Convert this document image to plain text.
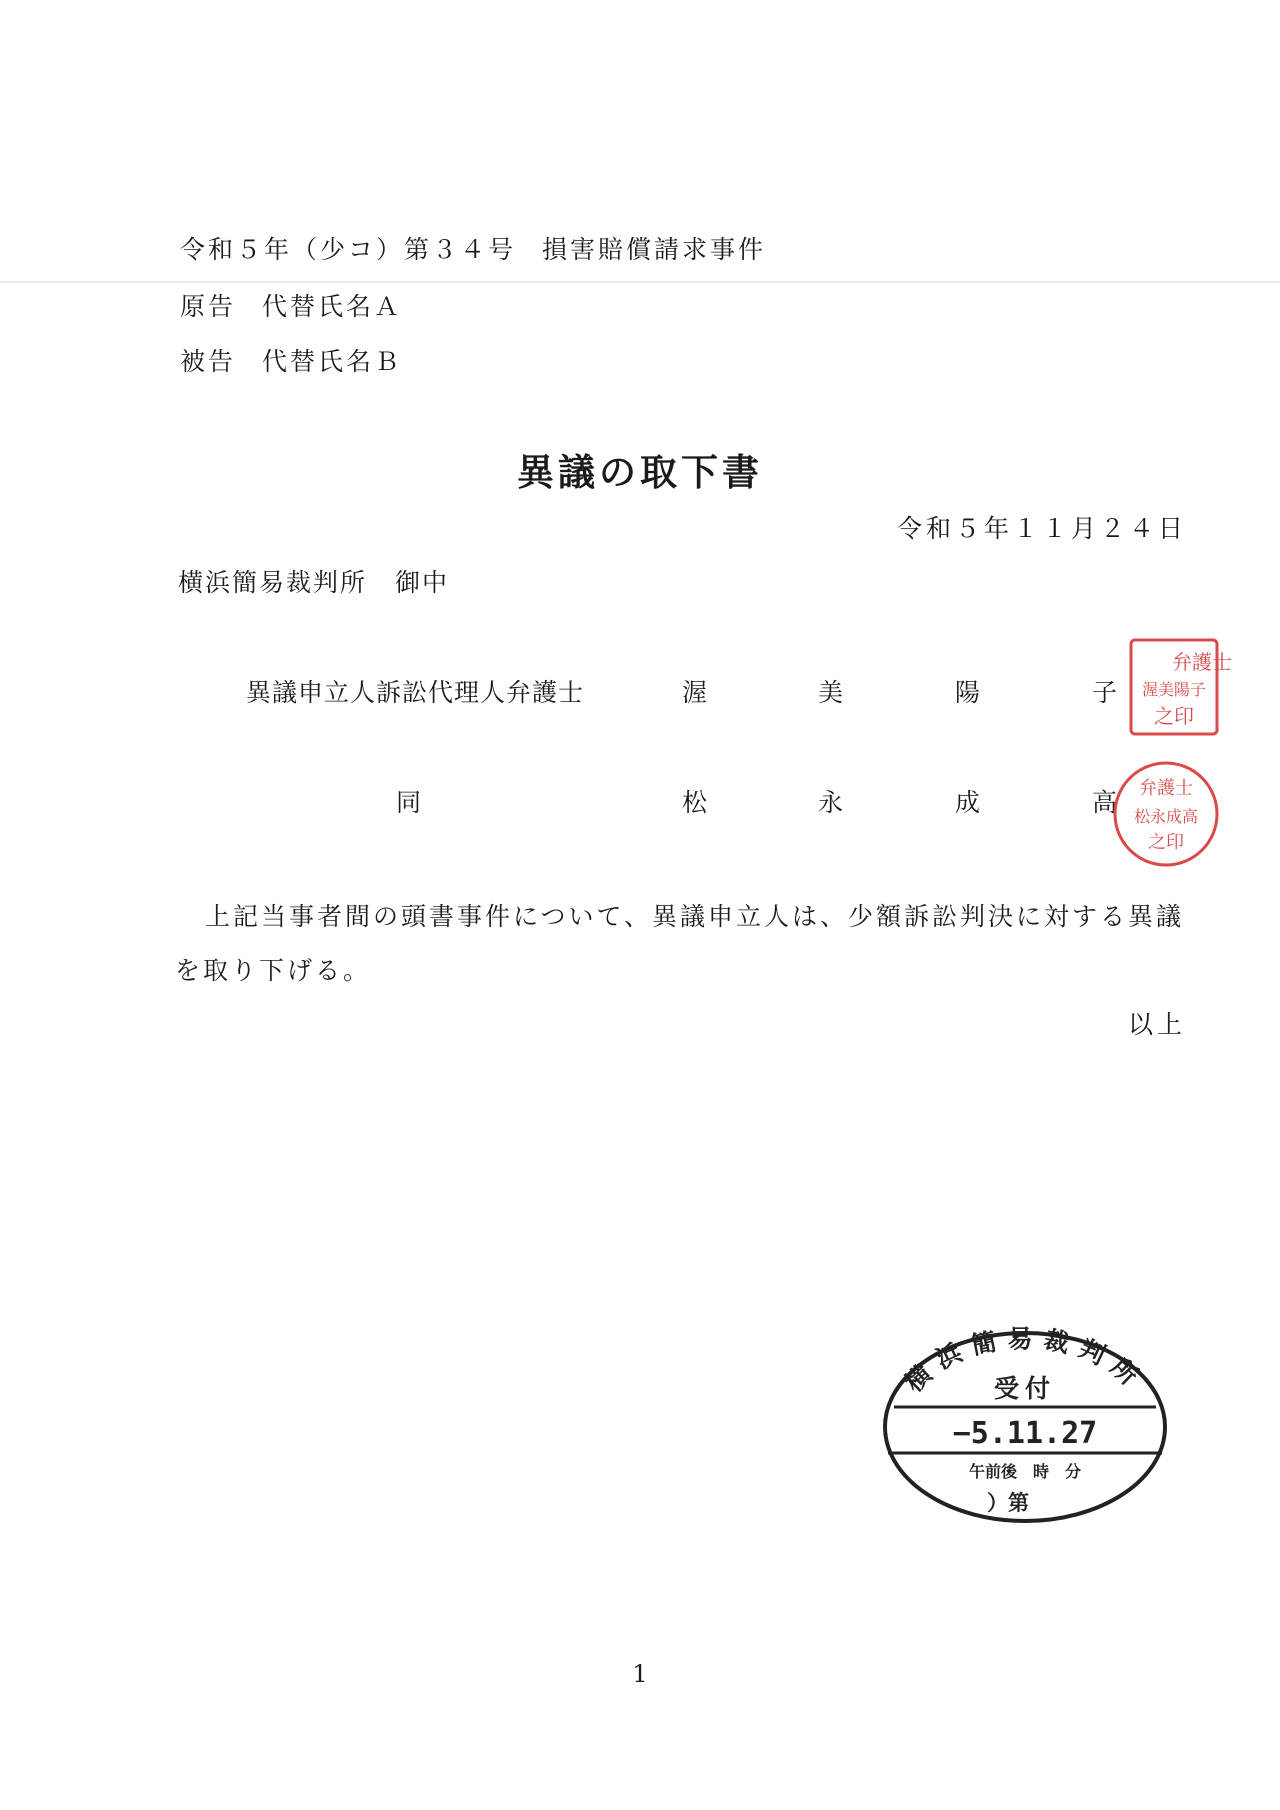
令和５年（少コ）第３４号 損害賠償請求事件
原告 代替氏名Ａ
被告 代替氏名Ｂ
異議の取下書
令和５年１１月２４日
横浜簡易裁判所 御中
異議申立人訴訟代理人弁護士	渥	美	陽	子
弁護士
渥美陽子
之印
同	松	永	成	高 弁護士
松永成高
之印
上記当事者間の頭書事件について、異議申立人は、少額訴訟判決に対する異議を取り下げる。
以上
横浜簡易裁判所
受付
−5.11.27
午前後　時　分
）第
1
